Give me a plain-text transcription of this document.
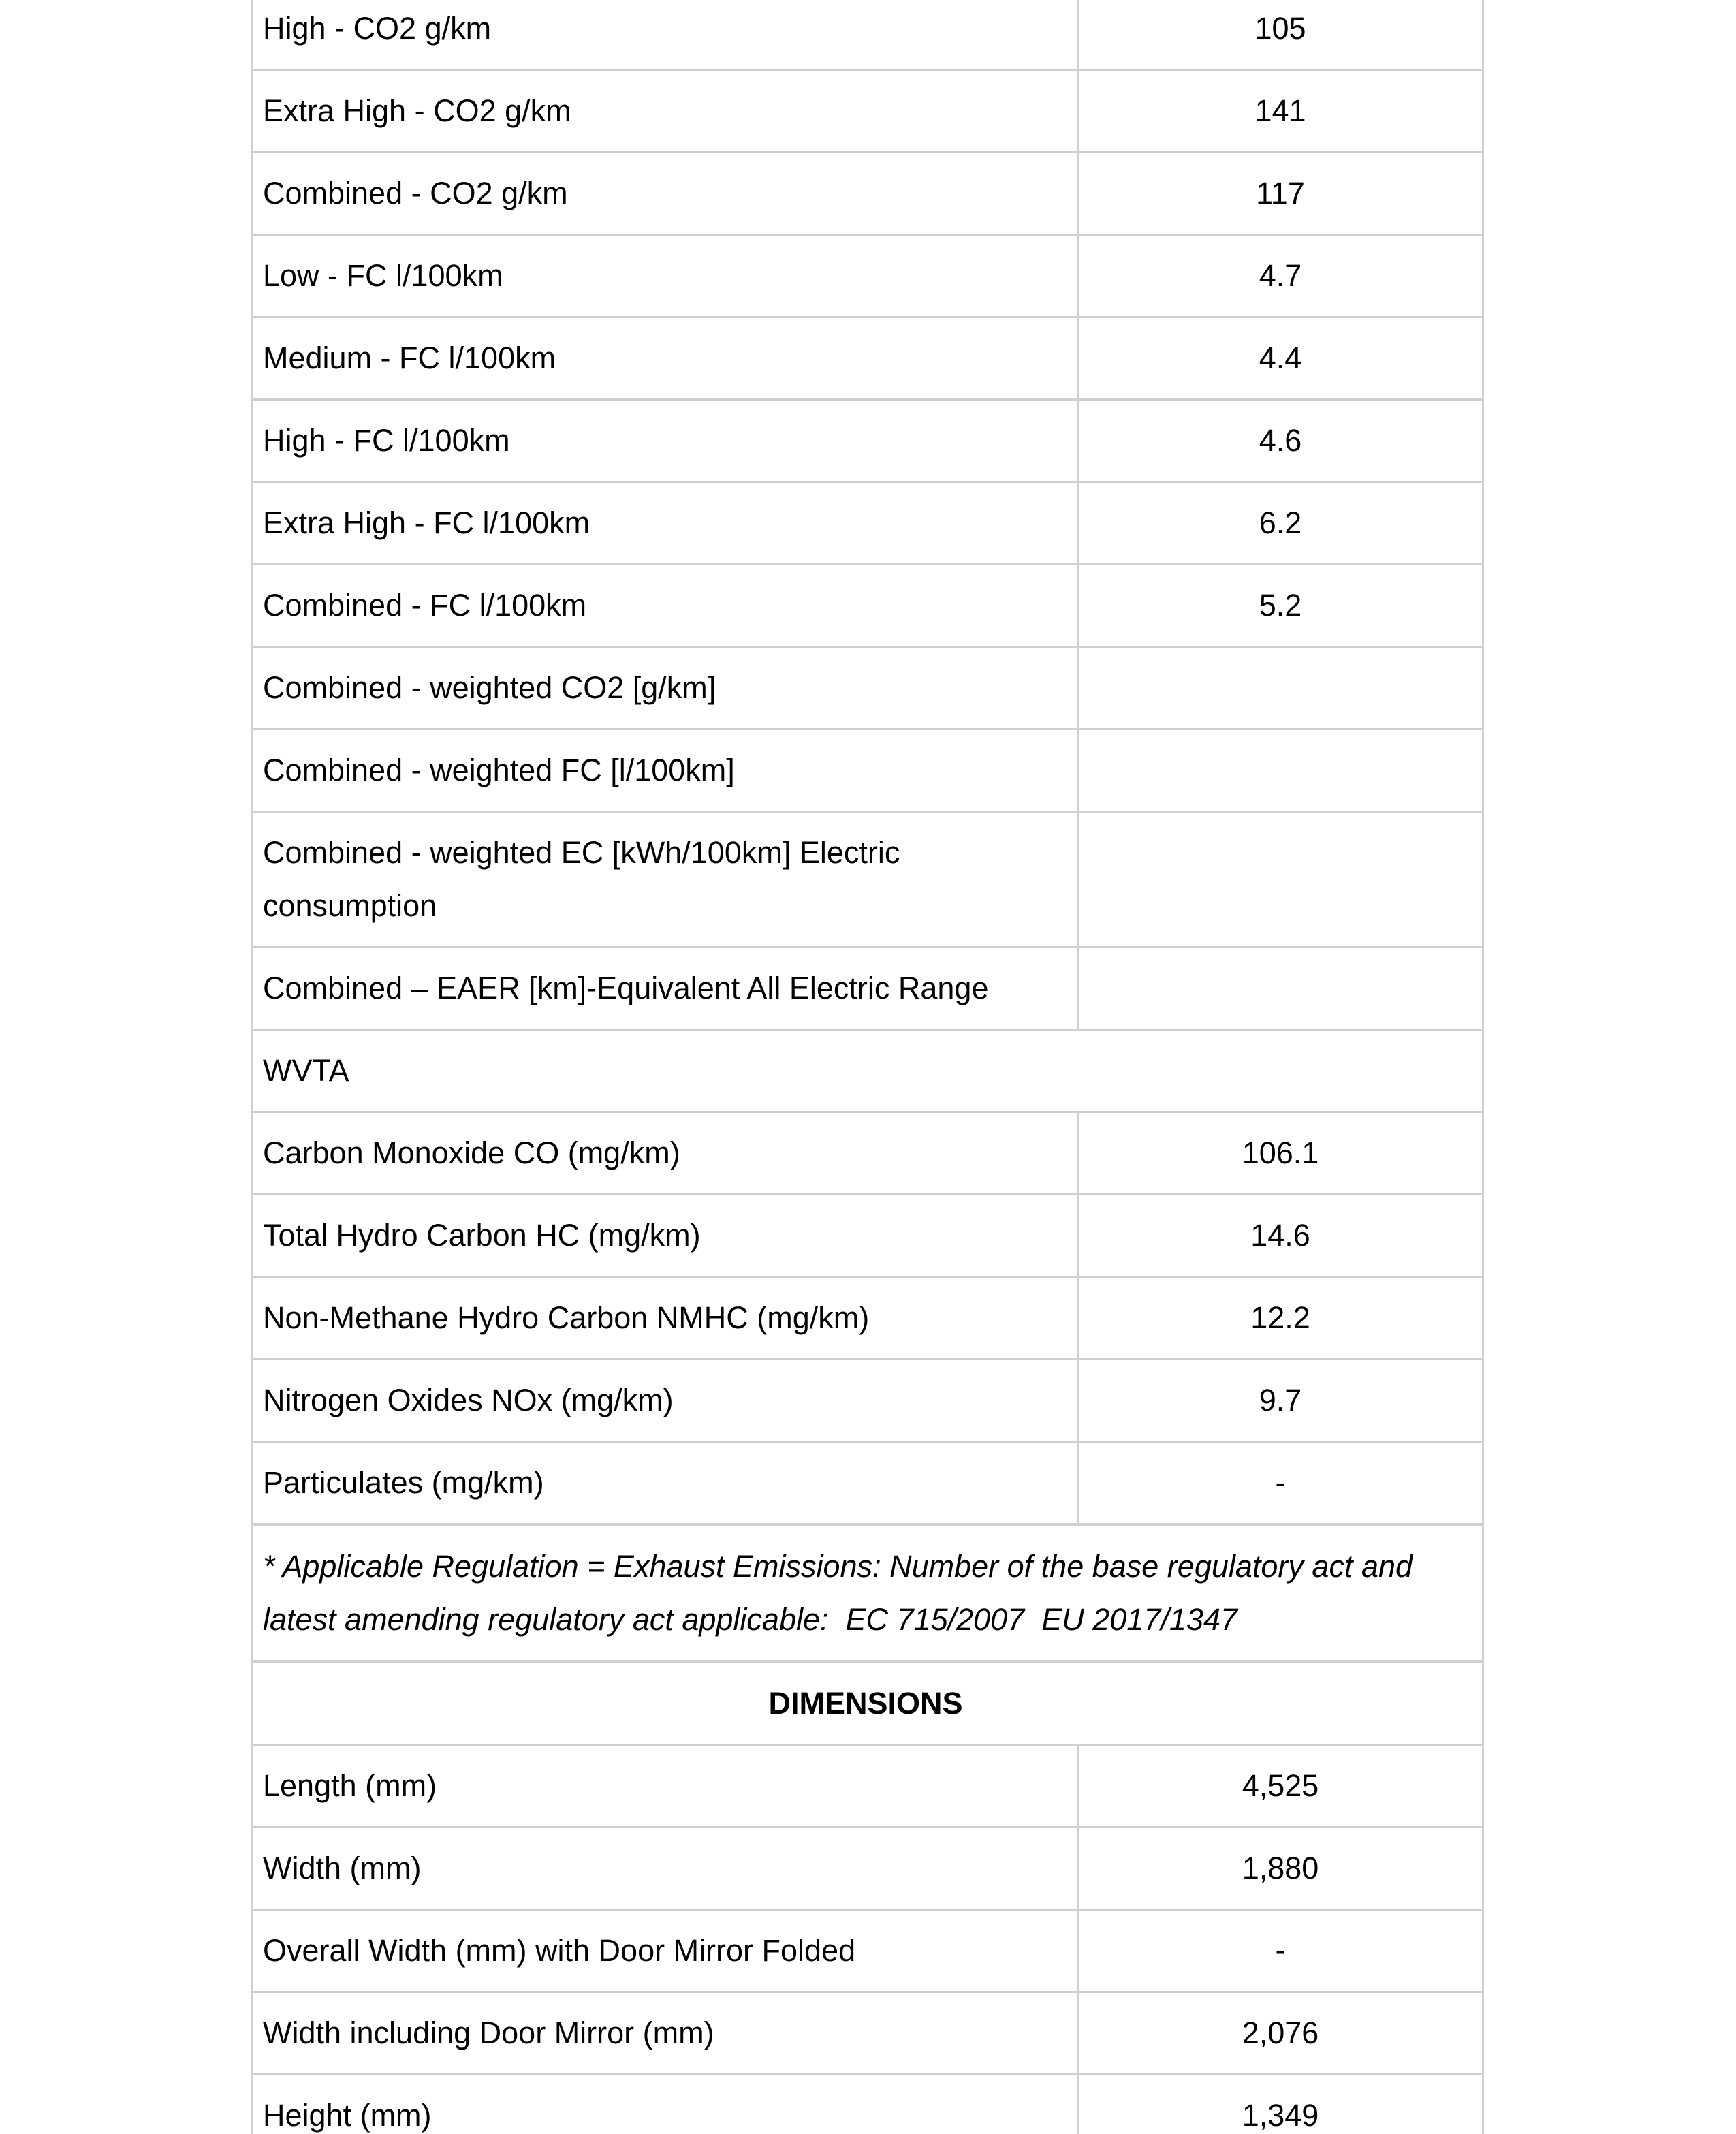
High - CO2 g/km	105
Extra High - CO2 g/km	141
Combined - CO2 g/km	117
Low - FC l/100km	4.7
Medium - FC l/100km	4.4
High - FC l/100km	4.6
Extra High - FC l/100km	6.2
Combined - FC l/100km	5.2
Combined - weighted CO2 [g/km]	
Combined - weighted FC [l/100km]	
Combined - weighted EC [kWh/100km] Electric consumption	
Combined – EAER [km]-Equivalent All Electric Range	
WVTA	
Carbon Monoxide CO (mg/km)	106.1
Total Hydro Carbon HC (mg/km)	14.6
Non-Methane Hydro Carbon NMHC (mg/km)	12.2
Nitrogen Oxides NOx (mg/km)	9.7
Particulates (mg/km)	-
* Applicable Regulation = Exhaust Emissions: Number of the base regulatory act and latest amending regulatory act applicable:  EC 715/2007  EU 2017/1347	
DIMENSIONS	
Length (mm)	4,525
Width (mm)	1,880
Overall Width (mm) with Door Mirror Folded	-
Width including Door Mirror (mm)	2,076
Height (mm)	1,349
